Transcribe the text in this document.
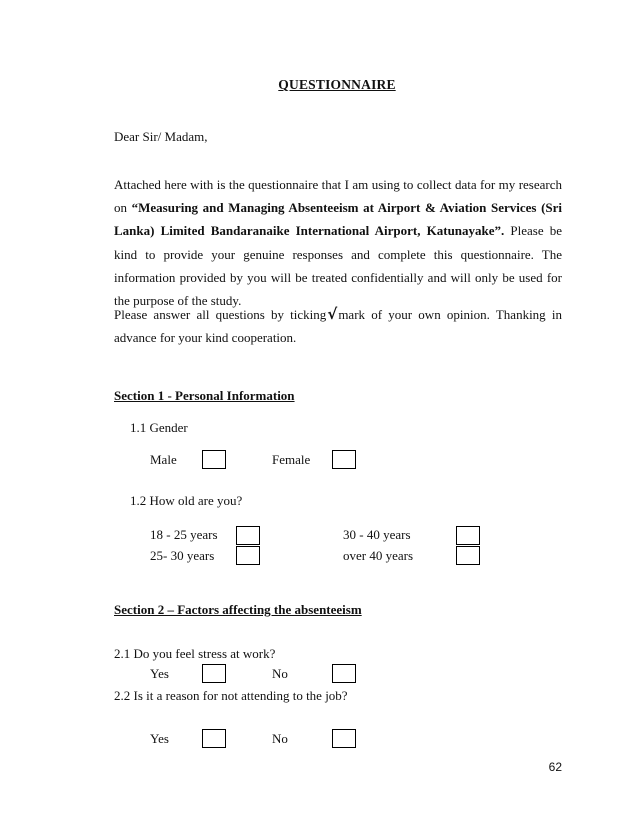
QUESTIONNAIRE
Dear Sir/ Madam,
Attached here with is the questionnaire that I am using to collect data for my research on “Measuring and Managing Absenteeism at Airport & Aviation Services (Sri Lanka) Limited Bandaranaike International Airport, Katunayake”. Please be kind to provide your genuine responses and complete this questionnaire. The information provided by you will be treated confidentially and will only be used for the purpose of the study.
Please answer all questions by ticking√mark of your own opinion. Thanking in advance for your kind cooperation.
Section 1 - Personal Information
1.1 Gender
Male	Female
1.2 How old are you?
18 - 25 years	30 - 40 years
25- 30 years	over 40 years
Section 2 – Factors affecting the absenteeism
2.1 Do you feel stress at work?
Yes	No
2.2 Is it a reason for not attending to the job?
Yes	No
62
